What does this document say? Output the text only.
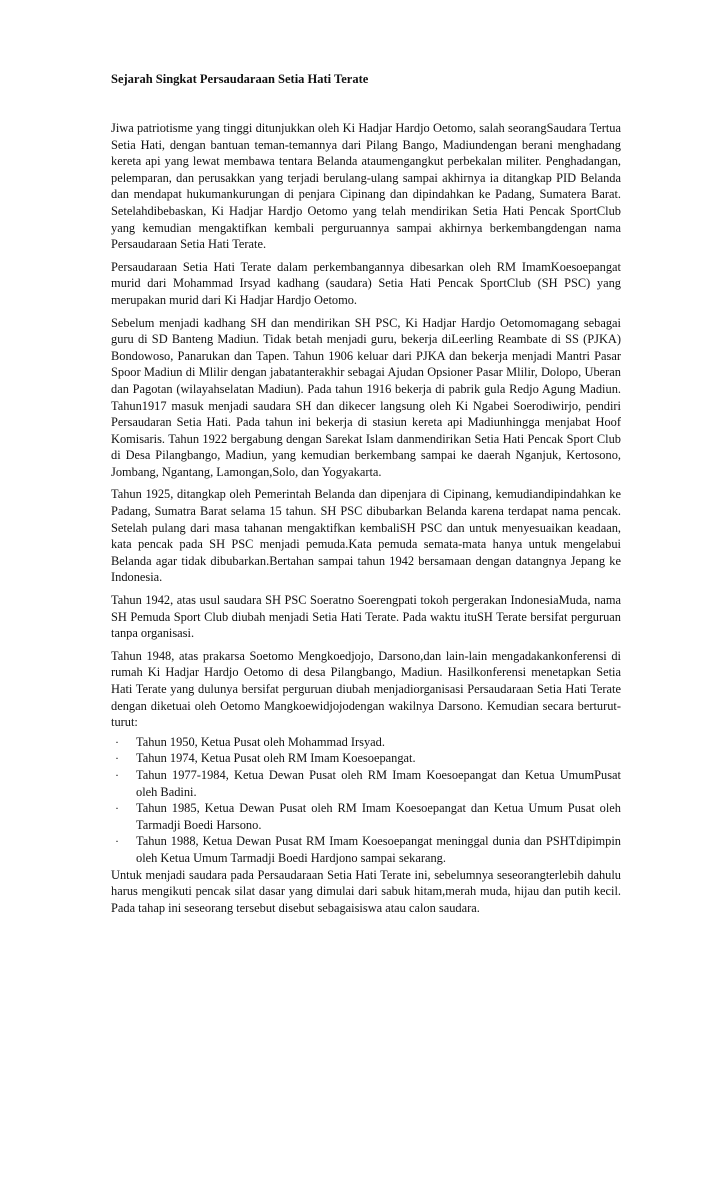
Sejarah Singkat Persaudaraan Setia Hati Terate

Jiwa patriotisme yang tinggi ditunjukkan oleh Ki Hadjar Hardjo Oetomo, salah seorangSaudara Tertua Setia Hati, dengan bantuan teman-temannya dari Pilang Bango, Madiundengan berani menghadang kereta api yang lewat membawa tentara Belanda ataumengangkut perbekalan militer. Penghadangan, pelemparan, dan perusakkan yang terjadi berulang-ulang sampai akhirnya ia ditangkap PID Belanda dan mendapat hukumankurungan di penjara Cipinang dan dipindahkan ke Padang, Sumatera Barat. Setelahdibebaskan, Ki Hadjar Hardjo Oetomo yang telah mendirikan Setia Hati Pencak SportClub yang kemudian mengaktifkan kembali perguruannya sampai akhirnya berkembangdengan nama Persaudaraan Setia Hati Terate.

Persaudaraan Setia Hati Terate dalam perkembangannya dibesarkan oleh RM ImamKoesoepangat murid dari Mohammad Irsyad kadhang (saudara) Setia Hati Pencak SportClub (SH PSC) yang merupakan murid dari Ki Hadjar Hardjo Oetomo.

Sebelum menjadi kadhang SH dan mendirikan SH PSC, Ki Hadjar Hardjo Oetomomagang sebagai guru di SD Banteng Madiun. Tidak betah menjadi guru, bekerja diLeerling Reambate di SS (PJKA) Bondowoso, Panarukan dan Tapen. Tahun 1906 keluar dari PJKA dan bekerja menjadi Mantri Pasar Spoor Madiun di Mlilir dengan jabatanterakhir sebagai Ajudan Opsioner Pasar Mlilir, Dolopo, Uberan dan Pagotan (wilayahselatan Madiun). Pada tahun 1916 bekerja di pabrik gula Redjo Agung Madiun. Tahun1917 masuk menjadi saudara SH dan dikecer langsung oleh Ki Ngabei Soerodiwirjo, pendiri Persaudaran Setia Hati. Pada tahun ini bekerja di stasiun kereta api Madiunhingga menjabat Hoof Komisaris. Tahun 1922 bergabung dengan Sarekat Islam danmendirikan Setia Hati Pencak Sport Club di Desa Pilangbango, Madiun, yang kemudian berkembang sampai ke daerah Nganjuk, Kertosono, Jombang, Ngantang, Lamongan,Solo, dan Yogyakarta.

Tahun 1925, ditangkap oleh Pemerintah Belanda dan dipenjara di Cipinang, kemudiandipindahkan ke Padang, Sumatra Barat selama 15 tahun. SH PSC dibubarkan Belanda karena terdapat nama pencak. Setelah pulang dari masa tahanan mengaktifkan kembaliSH PSC dan untuk menyesuaikan keadaan, kata pencak pada SH PSC menjadi pemuda.Kata pemuda semata-mata hanya untuk mengelabui Belanda agar tidak dibubarkan.Bertahan sampai tahun 1942 bersamaan dengan datangnya Jepang ke Indonesia.

Tahun 1942, atas usul saudara SH PSC Soeratno Soerengpati tokoh pergerakan IndonesiaMuda, nama SH Pemuda Sport Club diubah menjadi Setia Hati Terate. Pada waktu ituSH Terate bersifat perguruan tanpa organisasi.

Tahun 1948, atas prakarsa Soetomo Mengkoedjojo, Darsono,dan lain-lain mengadakankonferensi di rumah Ki Hadjar Hardjo Oetomo di desa Pilangbango, Madiun. Hasilkonferensi menetapkan Setia Hati Terate yang dulunya bersifat perguruan diubah menjadiorganisasi Persaudaraan Setia Hati Terate dengan diketuai oleh Oetomo Mangkoewidjojodengan wakilnya Darsono. Kemudian secara berturut-turut:

· Tahun 1950, Ketua Pusat oleh Mohammad Irsyad.
· Tahun 1974, Ketua Pusat oleh RM Imam Koesoepangat.
· Tahun 1977-1984, Ketua Dewan Pusat oleh RM Imam Koesoepangat dan Ketua UmumPusat oleh Badini.
· Tahun 1985, Ketua Dewan Pusat oleh RM Imam Koesoepangat dan Ketua Umum Pusat oleh Tarmadji Boedi Harsono.
· Tahun 1988, Ketua Dewan Pusat RM Imam Koesoepangat meninggal dunia dan PSHTdipimpin oleh Ketua Umum Tarmadji Boedi Hardjono sampai sekarang.

Untuk menjadi saudara pada Persaudaraan Setia Hati Terate ini, sebelumnya seseorangterlebih dahulu harus mengikuti pencak silat dasar yang dimulai dari sabuk hitam,merah muda, hijau dan putih kecil. Pada tahap ini seseorang tersebut disebut sebagaisiswa atau calon saudara.
